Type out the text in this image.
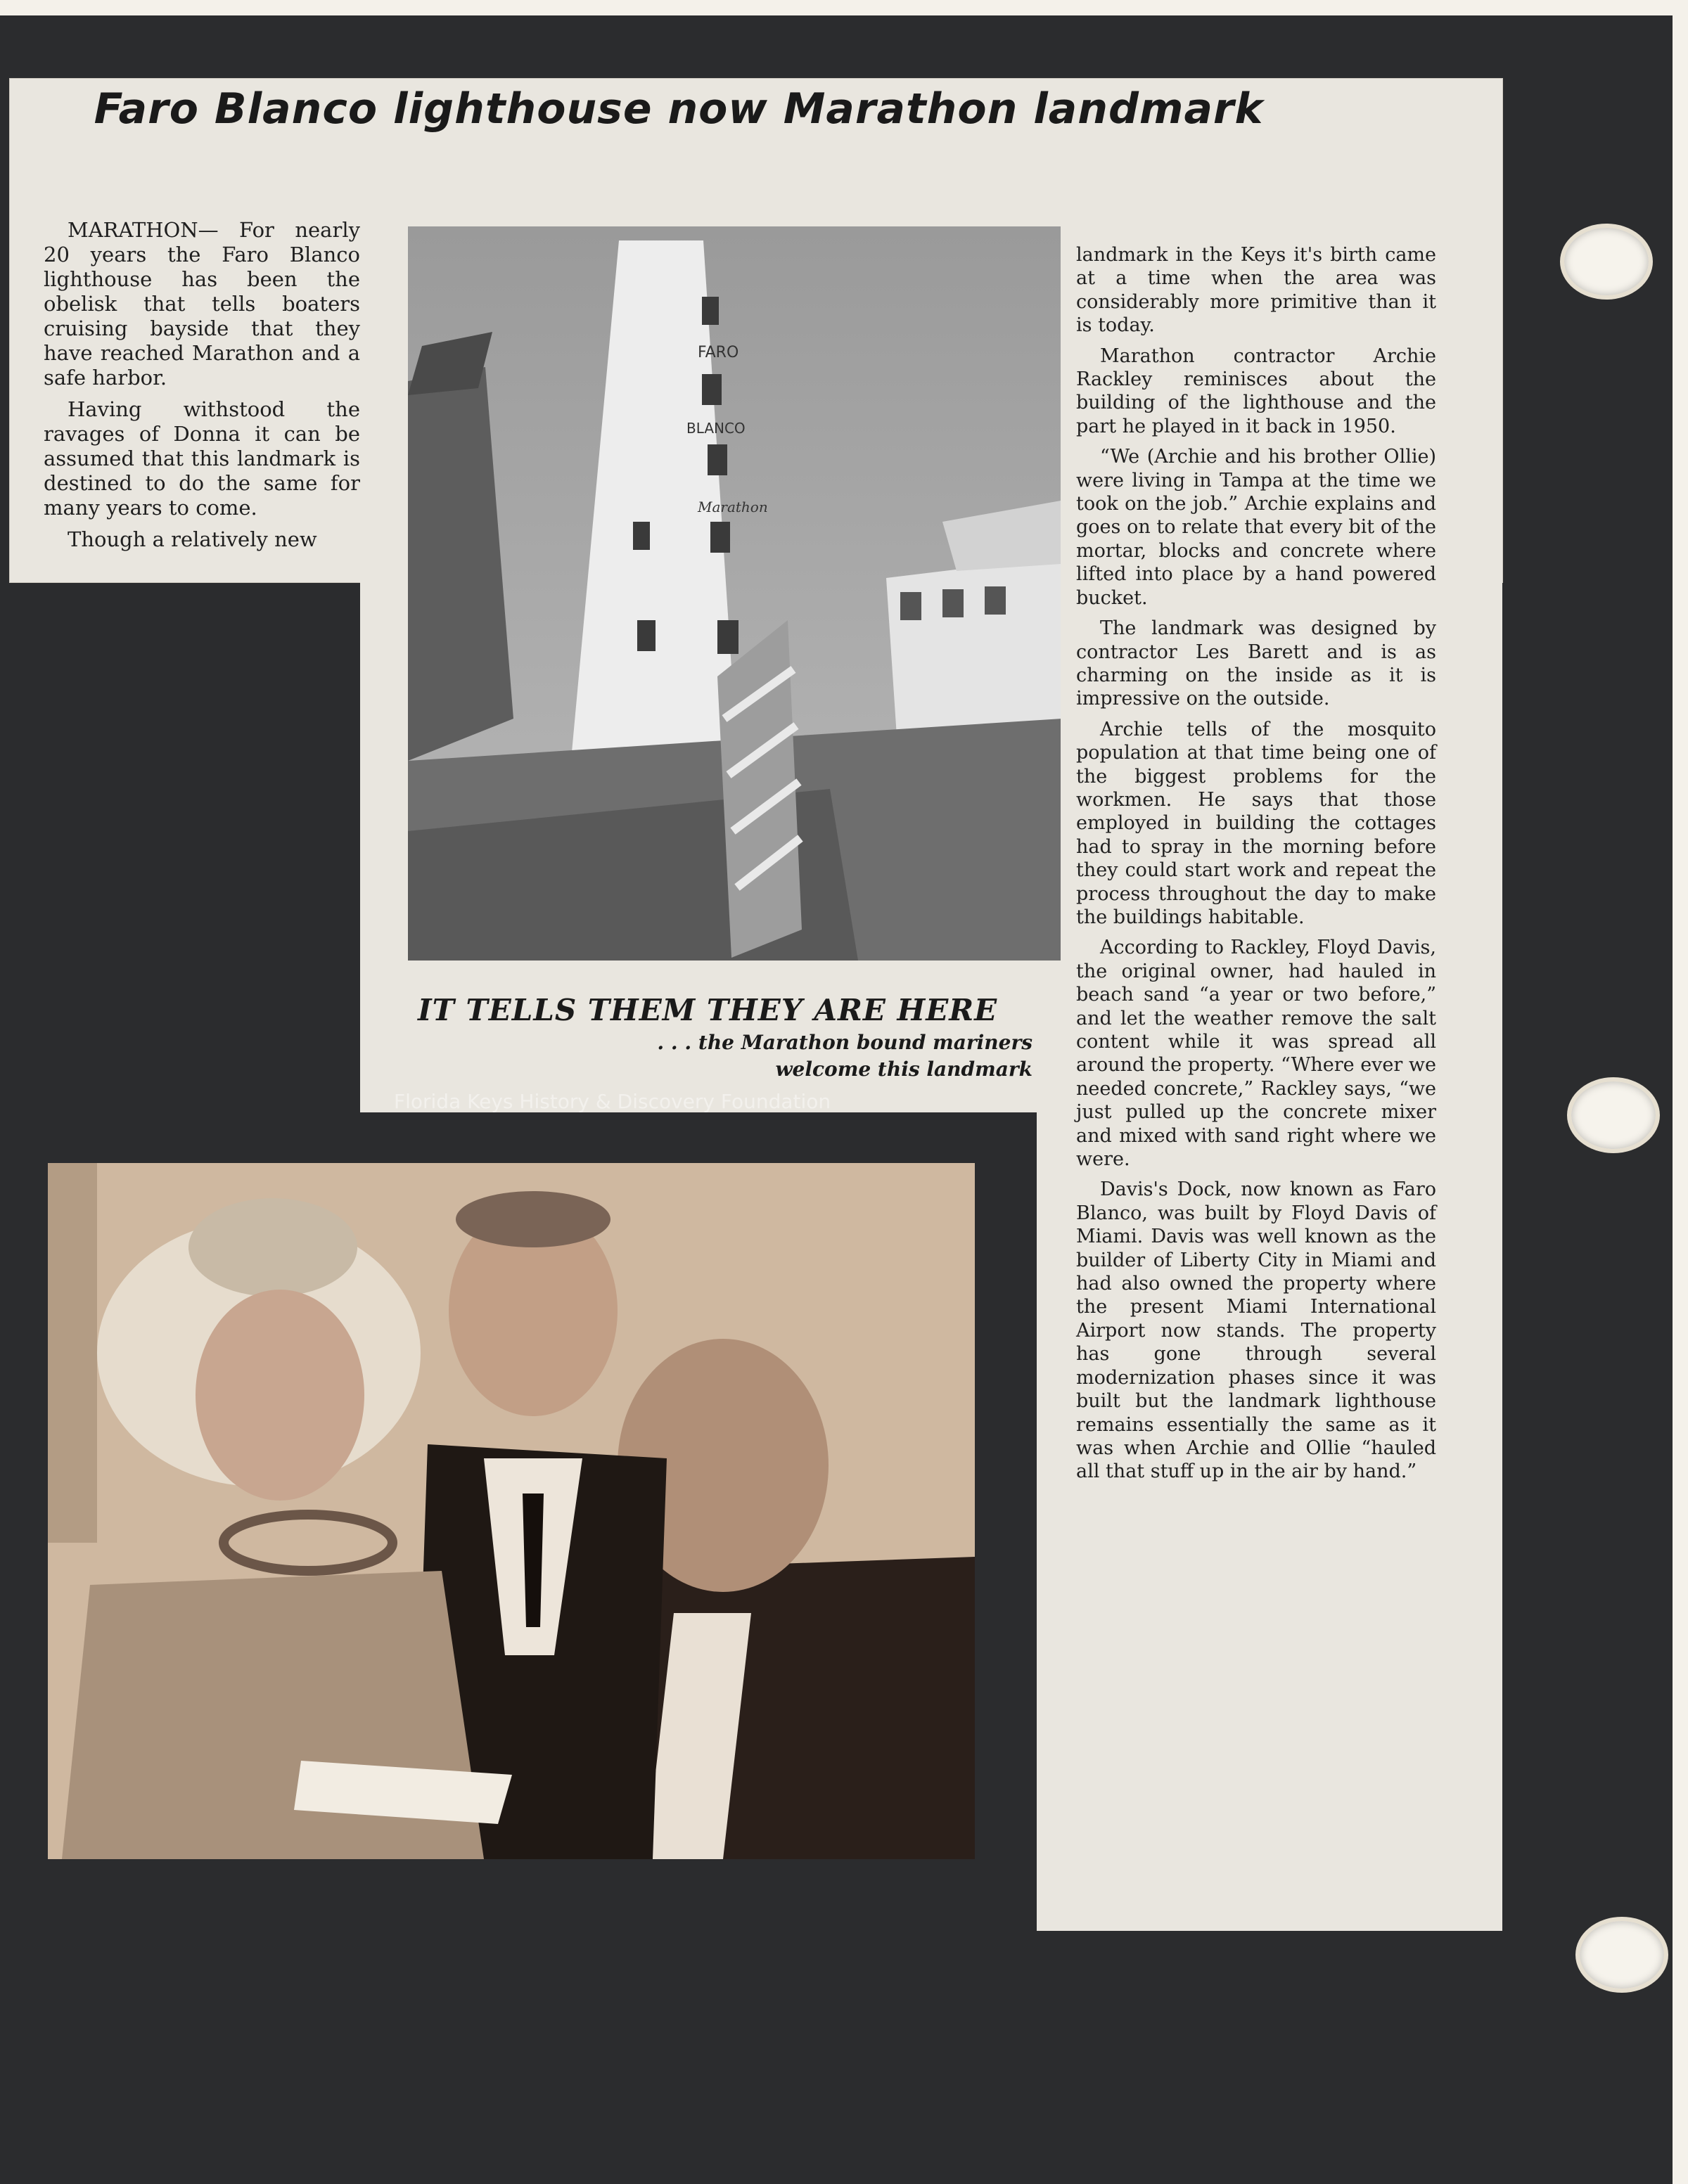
Faro Blanco lighthouse now Marathon landmark

MARATHON— For nearly 20 years the Faro Blanco lighthouse has been the obelisk that tells boaters cruising bayside that they have reached Marathon and a safe harbor.

Having withstood the ravages of Donna it can be assumed that this landmark is destined to do the same for many years to come.

Though a relatively new

FARO
BLANCO
Marathon
IT TELLS THEM THEY ARE HERE
. . . the Marathon bound mariners
welcome this landmark

landmark in the Keys it's birth came at a time when the area was considerably more primitive than it is today.

Marathon contractor Archie Rackley reminisces about the building of the lighthouse and the part he played in it back in 1950.

“We (Archie and his brother Ollie) were living in Tampa at the time we took on the job.” Archie explains and goes on to relate that every bit of the mortar, blocks and concrete where lifted into place by a hand powered bucket.

The landmark was designed by contractor Les Barett and is as charming on the inside as it is impressive on the outside.

Archie tells of the mosquito population at that time being one of the biggest problems for the workmen. He says that those employed in building the cottages had to spray in the morning before they could start work and repeat the process throughout the day to make the buildings habitable.

According to Rackley, Floyd Davis, the original owner, had hauled in beach sand “a year or two before,” and let the weather remove the salt content while it was spread all around the property. “Where ever we needed concrete,” Rackley says, “we just pulled up the concrete mixer and mixed with sand right where we were.

Davis's Dock, now known as Faro Blanco, was built by Floyd Davis of Miami. Davis was well known as the builder of Liberty City in Miami and had also owned the property where the present Miami International Airport now stands. The property has gone through several modernization phases since it was built but the landmark lighthouse remains essentially the same as it was when Archie and Ollie “hauled all that stuff up in the air by hand.”

Florida Keys History & Discovery Foundation
